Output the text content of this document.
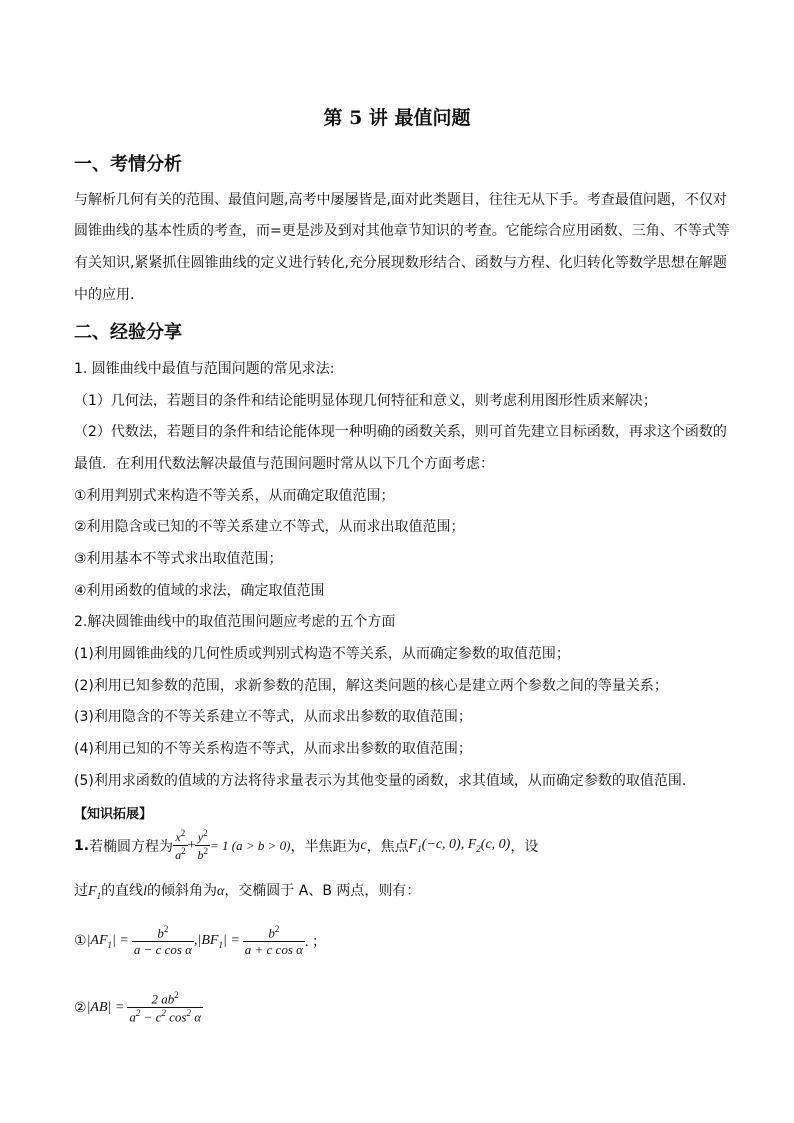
第 5 讲 最值问题
一、考情分析
与解析几何有关的范围、最值问题,高考中屡屡皆是,面对此类题目，往往无从下手。考查最值问题，不仅对
圆锥曲线的基本性质的考查，而=更是涉及到对其他章节知识的考查。它能综合应用函数、三角、不等式等
有关知识,紧紧抓住圆锥曲线的定义进行转化,充分展现数形结合、函数与方程、化归转化等数学思想在解题
中的应用.
二、经验分享
1. 圆锥曲线中最值与范围问题的常见求法:
（1）几何法，若题目的条件和结论能明显体现几何特征和意义，则考虑利用图形性质来解决；
（2）代数法，若题目的条件和结论能体现一种明确的函数关系，则可首先建立目标函数，再求这个函数的
最值．在利用代数法解决最值与范围问题时常从以下几个方面考虑：
①利用判别式来构造不等关系，从而确定取值范围；
②利用隐含或已知的不等关系建立不等式，从而求出取值范围；
③利用基本不等式求出取值范围；
④利用函数的值域的求法，确定取值范围
2.解决圆锥曲线中的取值范围问题应考虑的五个方面
(1)利用圆锥曲线的几何性质或判别式构造不等关系，从而确定参数的取值范围；
(2)利用已知参数的范围，求新参数的范围，解这类问题的核心是建立两个参数之间的等量关系；
(3)利用隐含的不等关系建立不等式，从而求出参数的取值范围；
(4)利用已知的不等关系构造不等式，从而求出参数的取值范围；
(5)利用求函数的值域的方法将待求量表示为其他变量的函数，求其值域，从而确定参数的取值范围.
【知识拓展】
1. 若椭圆方程为 $\frac{x^2}{a^2} + \frac{y^2}{b^2} = 1$ (a > b > 0) ，半焦距为 c ，焦点 $F_1(-c$, 0), $F_2(c$, 0) ，设
过$F_1$的直线l的倾斜角为α，交椭圆于 A、B 两点，则有：
① $|AF_1| = \frac{b^2}{\text{a − c cos α}}$ , $|BF_1| = \frac{b^2}{\text{a + c cos α}}$ . ；
② $|AB| = \frac{2 ab^2}{a^2 - c^2 \cos^2 \alpha}$
